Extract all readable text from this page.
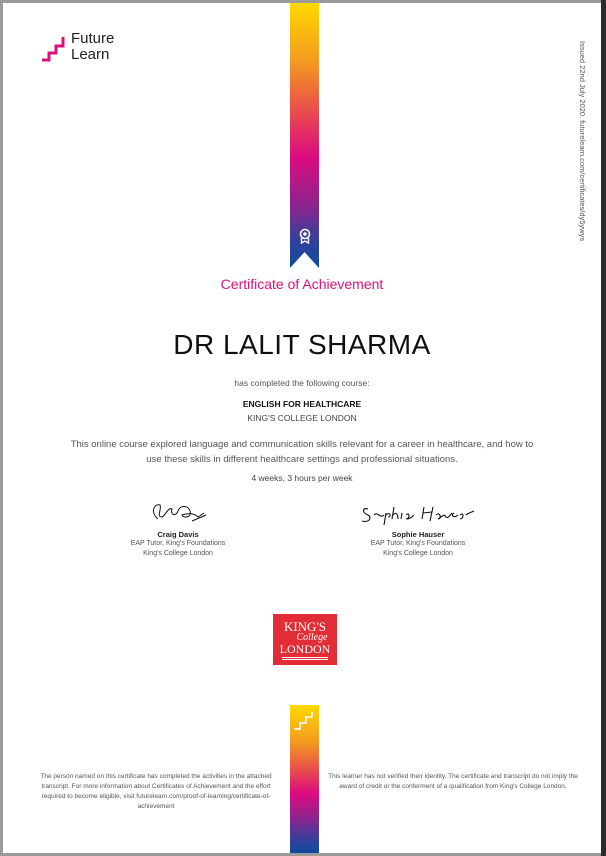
Future
Learn	Issued 22nd July 2020. futurelearn.com/certificates/dy5ywys
Certificate of Achievement
DR LALIT SHARMA
has completed the following course:
ENGLISH FOR HEALTHCARE
KING'S COLLEGE LONDON
This online course explored language and communication skills relevant for a career in healthcare, and how to use these skills in different healthcare settings and professional situations.
4 weeks, 3 hours per week
Craig Davis
EAP Tutor, King's Foundations
King's College London
Sophie Hauser
EAP Tutor, King's Foundations
King's College London
KING'S
College
LONDON
The person named on this certificate has completed the activities in the attached transcript. For more information about Certificates of Achievement and the effort required to become eligible, visit futurelearn.com/proof-of-learning/certificate-of-achievement
This learner has not verified their identity. The certificate and transcript do not imply the award of credit or the conferment of a qualification from King's College London.
